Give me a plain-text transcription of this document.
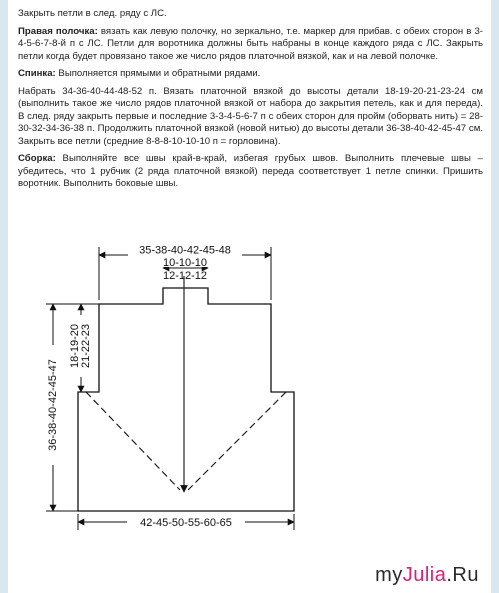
Закрыть петли в след. ряду с ЛС.

Правая полочка: вязать как левую полочку, но зеркально, т.е. маркер для прибав. с обеих сторон в 3-4-5-6-7-8-й п с ЛС. Петли для воротника должны быть набраны в конце каждого ряда с ЛС. Закрыть петли когда будет провязано такое же число рядов платочной вязкой, как и на левой полочке.

Спинка: Выполняется прямыми и обратными рядами.

Набрать 34-36-40-44-48-52 п. Вязать платочной вязкой до высоты детали 18-19-20-21-23-24 см (выполнить такое же число рядов платочной вязкой от набора до закрытия петель, как и для переда). В след. ряду закрыть первые и последние 3-3-4-5-6-7 п с обеих сторон для пройм (оборвать нить) = 28-30-32-34-36-38 п. Продолжить платочной вязкой (новой нитью) до высоты детали 36-38-40-42-45-47 см. Закрыть все петли (средние 8-8-8-10-10-10 п = горловина).

Сборка: Выполняйте все швы край-в-край, избегая грубых швов. Выполнить плечевые швы – убедитесь, что 1 рубчик (2 ряда платочной вязкой) переда соответствует 1 петле спинки. Пришить воротник. Выполнить боковые швы.

35-38-40-42-45-48
10-10-10
12-12-12
36-38-40-42-45-47
18-19-20 21-22-23
42-45-50-55-60-65
myJulia.Ru
